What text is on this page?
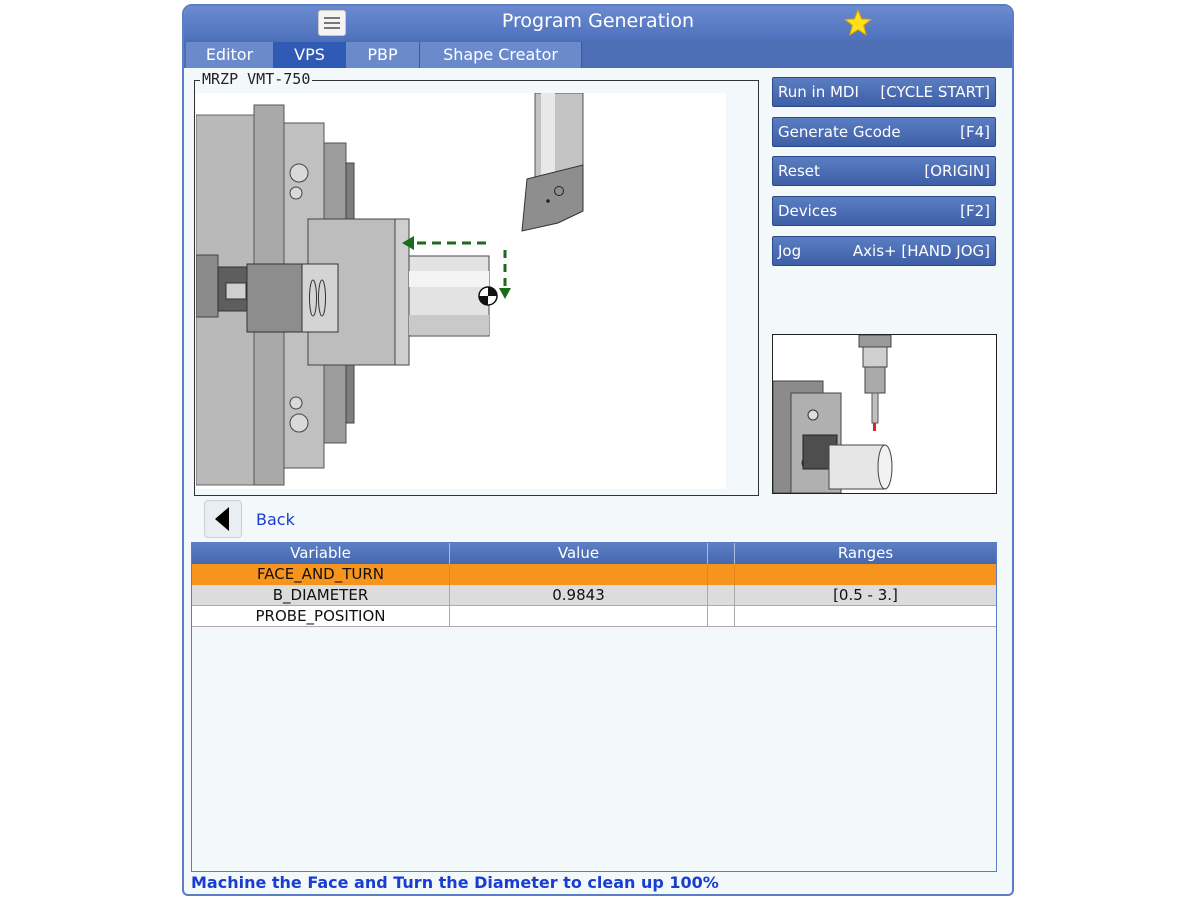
Program Generation
Editor	VPS	PBP	Shape Creator
MRZP VMT-750
Run in MDI [CYCLE START]
Generate Gcode	[F4]
Reset	[ORIGIN]
Devices	[F2]
Jog	Axis+ [HAND JOG]
Back
Variable	Value	Ranges
FACE_AND_TURN
B_DIAMETER	0.9843	[0.5 - 3.]
PROBE_POSITION
Machine the Face and Turn the Diameter to clean up 100%
